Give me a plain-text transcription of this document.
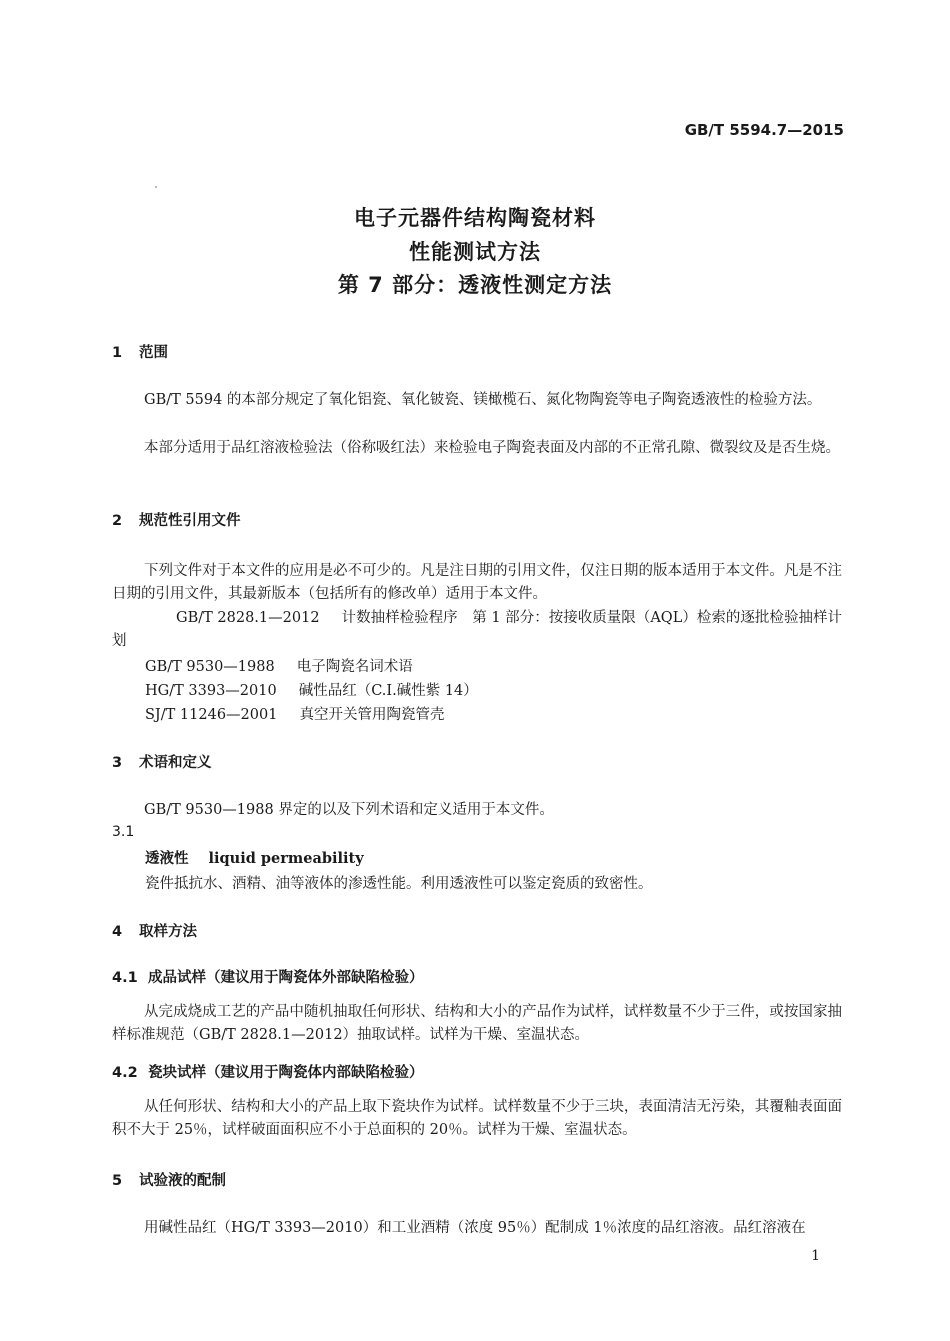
GB/T 5594.7—2015
电子元器件结构陶瓷材料
性能测试方法
第 7 部分：透液性测定方法
1 范围
GB/T 5594 的本部分规定了氧化铝瓷、氧化铍瓷、镁橄榄石、氮化物陶瓷等电子陶瓷透液性的检验方法。
本部分适用于品红溶液检验法（俗称吸红法）来检验电子陶瓷表面及内部的不正常孔隙、微裂纹及是否生烧。
2 规范性引用文件
下列文件对于本文件的应用是必不可少的。凡是注日期的引用文件，仅注日期的版本适用于本文件。凡是不注日期的引用文件，其最新版本（包括所有的修改单）适用于本文件。
GB/T 2828.1—2012 计数抽样检验程序　第 1 部分：按接收质量限（AQL）检索的逐批检验抽样计划
GB/T 9530—1988 电子陶瓷名词术语
HG/T 3393—2010 碱性品红（C.I.碱性紫 14）
SJ/T 11246—2001 真空开关管用陶瓷管壳
3 术语和定义
GB/T 9530—1988 界定的以及下列术语和定义适用于本文件。
3.1
透液性 liquid permeability
瓷件抵抗水、酒精、油等液体的渗透性能。利用透液性可以鉴定瓷质的致密性。
4 取样方法
4.1 成品试样（建议用于陶瓷体外部缺陷检验）
从完成烧成工艺的产品中随机抽取任何形状、结构和大小的产品作为试样，试样数量不少于三件，或按国家抽样标准规范（GB/T 2828.1—2012）抽取试样。试样为干燥、室温状态。
4.2 瓷块试样（建议用于陶瓷体内部缺陷检验）
从任何形状、结构和大小的产品上取下瓷块作为试样。试样数量不少于三块，表面清洁无污染，其覆釉表面面积不大于 25％，试样破面面积应不小于总面积的 20％。试样为干燥、室温状态。
5 试验液的配制
用碱性品红（HG/T 3393—2010）和工业酒精（浓度 95％）配制成 1％浓度的品红溶液。品红溶液在
1
